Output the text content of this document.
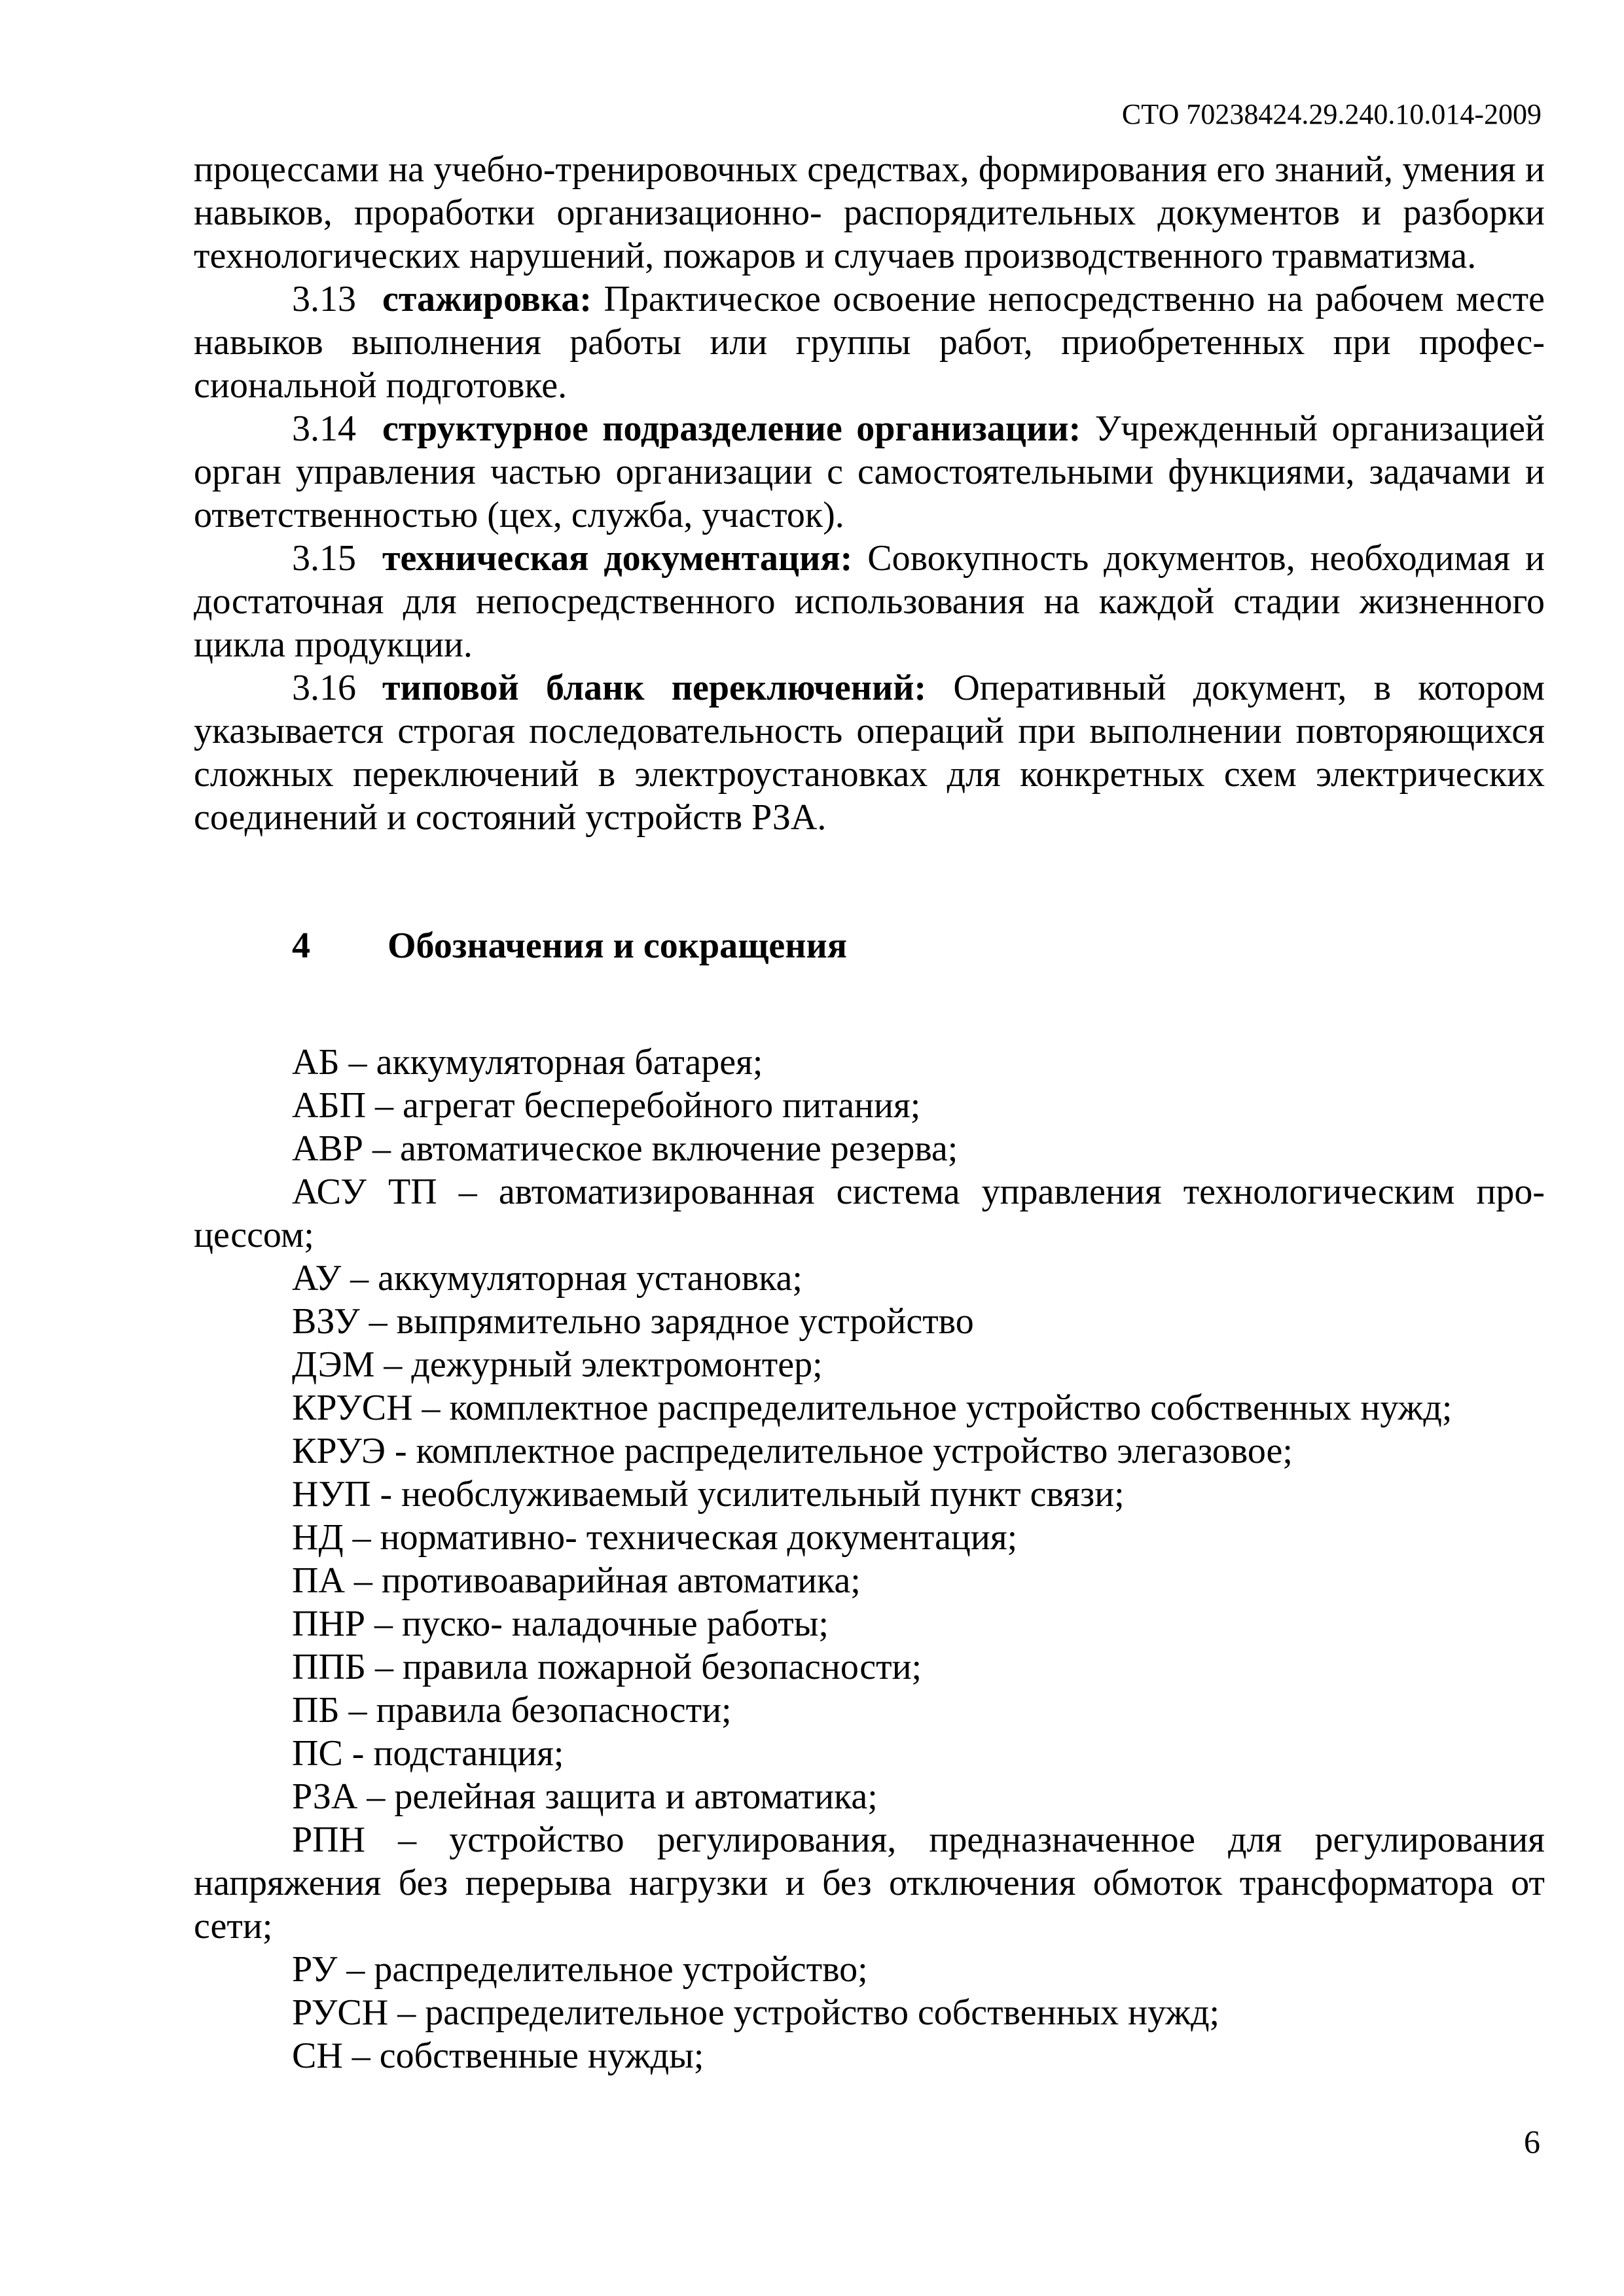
СТО 70238424.29.240.10.014-2009

процессами на учебно-тренировочных средствах, формирования его знаний, умения и навыков, проработки организационно- распорядительных документов и разборки технологических нарушений, пожаров и случаев производственного травматизма.

3.13 стажировка: Практическое освоение непосредственно на рабочем месте навыков выполнения работы или группы работ, приобретенных при профессиональной подготовке.

3.14 структурное подразделение организации: Учрежденный организацией орган управления частью организации с самостоятельными функциями, задачами и ответственностью (цех, служба, участок).

3.15 техническая документация: Совокупность документов, необходимая и достаточная для непосредственного использования на каждой стадии жизненного цикла продукции.

3.16 типовой бланк переключений: Оперативный документ, в котором указывается строгая последовательность операций при выполнении повторяющихся сложных переключений в электроустановках для конкретных схем электрических соединений и состояний устройств РЗА.

4 Обозначения и сокращения
АБ – аккумуляторная батарея;
АБП – агрегат бесперебойного питания;
АВР – автоматическое включение резерва;
АСУ ТП – автоматизированная система управления технологическим процессом;
АУ – аккумуляторная установка;
ВЗУ – выпрямительно зарядное устройство
ДЭМ – дежурный электромонтер;
КРУСН – комплектное распределительное устройство собственных нужд;
КРУЭ - комплектное распределительное устройство элегазовое;
НУП - необслуживаемый усилительный пункт связи;
НД – нормативно- техническая документация;
ПА – противоаварийная автоматика;
ПНР – пуско- наладочные работы;
ППБ – правила пожарной безопасности;
ПБ – правила безопасности;
ПС - подстанция;
РЗА – релейная защита и автоматика;
РПН – устройство регулирования, предназначенное для регулирования напряжения без перерыва нагрузки и без отключения обмоток трансформатора от сети;
РУ – распределительное устройство;
РУСН – распределительное устройство собственных нужд;
СН – собственные нужды;
6
